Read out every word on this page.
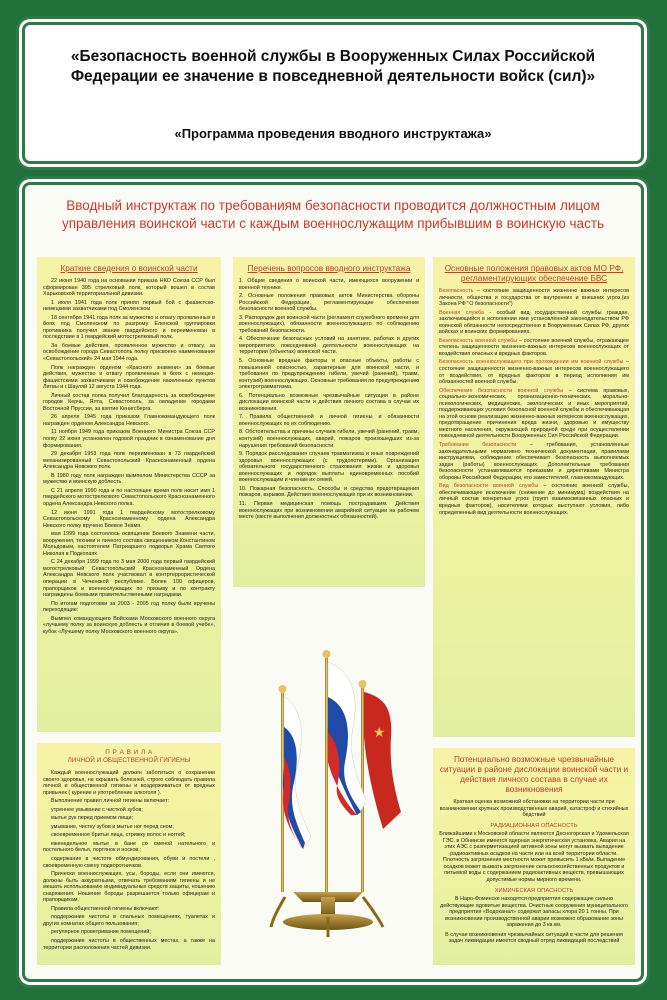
«Безопасность военной службы в Вооруженных Силах Российской Федерации ее значение в повседневной деятельности войск (сил)»
«Программа проведения вводного инструктажа»
Вводный инструктаж по требованиям безопасности проводится должностным лицом управления воинской части с каждым военнослужащим прибывшим в воинскую часть
Краткие сведения о воинской части

22 июня 1940 года на основании приказа НКО Союза ССР был сформирован 395 стрелковый полк, который вошел в состав Харьковской территориальной дивизии.

1 июля 1941 года полк принял первый бой с фашистско-немецкими захватчиками под Смоленском

18 сентября 1941 года полк за мужество и отвагу проявленных в боях под Смоленском по разгрому Еленской группировки противника получил звание гвардейского и переименован в последствие в 1 гвардейский мотострелковый полк.

За боевые действия, проявленное мужество и отвагу, за освобождение города Севастополь полку присвоено наименование «Севастопольский» 24 мая 1944 года.

Полк награжден орденом «Красного знамени» за боевые действия, мужество и отвагу проявленные в боях с немецко-фашистскими захватчиками и освобождение населенных пунктов Литвы и г.Шауляй 12 августа 1944 года.

Личный состав полка получил благодарность за освобождение городов Керчь, Ялта, Севастополь, за овладение городами Восточной Пруссии, за взятие Кенигсберга.

26 апреля 1945 года приказом Главнокомандующего полк награжден орденом Александра Невского.

11 ноября 1949 года приказом Военного Министра Союза ССР полку 22 июня установлен годовой праздник в ознаменование дня формирования.

29 декабря 1953 года полк переименован в 73 гвардейский механизированный Севастопольский Краснознаменный ордена Александра Невского полк.

В 1980 году полк награжден вымпелом Министерства СССР за мужество и воинскую доблесть.

С 21 апреля 1990 года и по настоящее время полк носит имя 1 гвардейского мотострелкового Севастопольского Краснознаменного ордена Александра Невского полка.

12 июня 1991 года 1 гвардейскому мотострелковому Севастопольскому Краснознаменному ордена Александра Невского полку вручено Боевое Знамя.

мая 1999 года состоялось освящение Боевого Знамени части, вооружения, техники и личного состава священником Константином Мольдовым, настоятелем Патриаршего подворья Храма Святого Николая в Подкопаях.

С 24 декабря 1999 года по 3 мая 2000 года первый гвардейский мотострелковый Севастопольский Краснознаменный Ордена Александра Невского полк участвовал в контртеррористической операции в Чеченской республике. Более 100 офицеров, прапорщиков и военнослужащих по призыву и по контракту награждены боевыми правительственными наградами.

По итогам подготовки за 2003 - 2005 год полку были вручены переходящие:

Вымпел командующего Войсками Московского военного округа «лучшему полку за воинскую доблесть и отличия в боевой учебе», кубок «Лучшему полку Московского военного округа».

Перечень вопросов вводного инструктажа

1. Общие сведения о воинской части, имеющихся вооружении и военной технике.

2. Основные положения правовых актов Министерства обороны Российской Федерации, регламентирующие обеспечение безопасности военной службы.

3. Распорядок дня воинской части (регламент служебного времени для военнослужащих), обязанности военнослужащего по соблюдению требований безопасности.

4. Обеспечение безопасных условий на занятиях, работах и других мероприятиях повседневной деятельности военнослужащих на территории (объектах) воинской части.

5. Основные вредные факторы и опасные объекты, работы с повышенной опасностью, характерные для воинской части, и требования по предупреждению гибели, увечий (ранений), травм, контузий) военнослужащих. Основные требования по предупреждению электротравматизма.

6. Потенциально возможные чрезвычайные ситуации в районе дислокации воинской части и действия личного состава в случае их возникновения.

7. Правила общественной и личной гигиены и обязанности военнослужащих по их соблюдению.

8. Обстоятельства и причины случаев гибели, увечий (ранений, травм, контузий) военнослужащих, аварий, пожаров произошедших из-за нарушения требований безопасности.

9. Порядок расследования случаев травматизма и иных повреждений здоровья военнослужащих (с трудопотерями). Организация обязательного государственного страхования жизни и здоровья военнослужащих и порядок выплаты единовременных пособий военнослужащим и членам их семей.

10. Пожарная безопасность. Способы и средства предотвращения пожаров, взрывов. Действия военнослужащих при их возникновении.

11. Первая медицинская помощь пострадавшим. Действия военнослужащих при возникновении аварийной ситуации на рабочем месте (месте выполнения должностных обязанностей).

Основные положения правовых актов МО РФ, регламентирующих обеспечение БВС

Безопасность – состояние защищенности жизненно важных интересов личности, общества и государства от внутренних и внешних угроз.(из Закона РФ "О безопасности")

Военная служба - особый вид государственной службы граждан, заключающийся в исполнении ими установленной законодательством РФ воинской обязанности непосредственно в Вооруженных Силах РФ, других войсках и воинских формированиях.

Безопасность военной службы – состояние военной службы, отражающее степень защищенности жизненно-важных интересов военнослужащих от воздействия опасных и вредных факторов.

Безопасность военнослужащего при прохождении им военной службы – состояние защищенности жизненно-важных интересов военнослужащего от воздействия, от вредных факторов в период исполнения им обязанностей военной службы.

Обеспечение безопасности военной службы – система правовых, социально-экономических, организационно-технических, морально-психологических, медицинских, экологических и иных мероприятий, поддерживающих условия безопасной военной службы и обеспечивающая на этой основе реализацию жизненно-важных интересов военнослужащих, предотвращение причинения вреда жизни, здоровью и имуществу местного населения, окружающей природной среде при осуществлении повседневной деятельности Вооруженных Сил Российской Федерации.

Требования безопасности – требования, установленные законодательными нормативно технической документации, правилами инструкциями, соблюдение обеспечивает безопасность выполняемых задач (работы) военнослужащих. Дополнительные требования безопасности устанавливаются приказами и директивами Министра обороны Российской Федерации, его заместителей, главнокомандующих.

Вид безопасности военной службы – состояние военной службы, обеспечивающее исключение (снижение до минимума) воздействия на личный состав конкретных угроз (групп взаимосвязанных опасных и вредных факторов), носителями которых выступают условия, либо определенный вид деятельности военнослужащих.

П Р А В И Л А
ЛИЧНОЙ И ОБЩЕСТВЕННОЙ ГИГИЕНЫ

Каждый военнослужащий должен заботиться о сохранении своего здоровья, не скрывать болезней, строго соблюдать правила личной и общественной гигиены и воздерживаться от вредных привычек ( курение и употребление алкоголя ).

Выполнение правил личной гигиены включает:

утреннее умывание с чисткой зубов;

мытье рук перед приемом пищи;

умывание, чистку зубов и мытье ног перед сном;

своевременное бритье лица, стрижку волос и ногтей;

еженедельное мытье в бане со сменой нательного и постельного белья, портянок и носков ;

содержание в чистоте обмундирования, обуви и постели , своевременную смену подворотничков.

Прически военнослужащих, усы, бороды, если они имеются, должны быть аккуратными, отвечать требованиям гигиены и не мешать использованию индивидуальных средств защиты, ношению снаряжения. Ношение бороды разрешается только офицерам и прапорщикам.

Правила общественной гигиены включают:

поддержание чистоты в спальных помещениях, туалетах и других комнатах общего пользования;

регулярное проветривание помещений;

поддержание чистоты в общественных местах, а также на территории расположения частей дивизии.

★
Потенциально возможные чрезвычайные ситуации в районе дислокации воинской части и действия личного состава в случае их возникновения

Краткая оценка возможной обстановки на территории части при возникновении крупных производственных аварий, катастроф и стихийных бедствий

РАДИАЦИОННАЯ ОПАСНОСТЬ

Ближайшими к Московской области являются Десногорская и Удомельская ГЭС, в Обнинске имеется ядерная энергетическая установка. Авария на этих АЭС с разгерметизацией активной зоны могут вызвать выпадение радиоактивных осадков на части или на всей территории области. Плотность загрязнения местности может превысить 1 кБк/м. Выпадение осадков может вызвать загрязнение сельскохозяйственных продуктов и питьевой воды с содержанием радиоактивных веществ, превышающих допустимые нормы мирного времени.

ХИМИЧЕСКАЯ ОПАСНОСТЬ

В Наро-Фоминске находятся предприятия содержащие сильно действующие ядовитые вещества. Очистные сооружения муниципального предприятия «Водоканал» содержат запасы хлора 20 1 тонны. При возникновении производственной аварии возможно образование зоны заражения до 3 кв.км.

В случае возникновения чрезвычайных ситуаций в части для решения задач ликвидации имеется сводный отряд ликвидаций последствий
